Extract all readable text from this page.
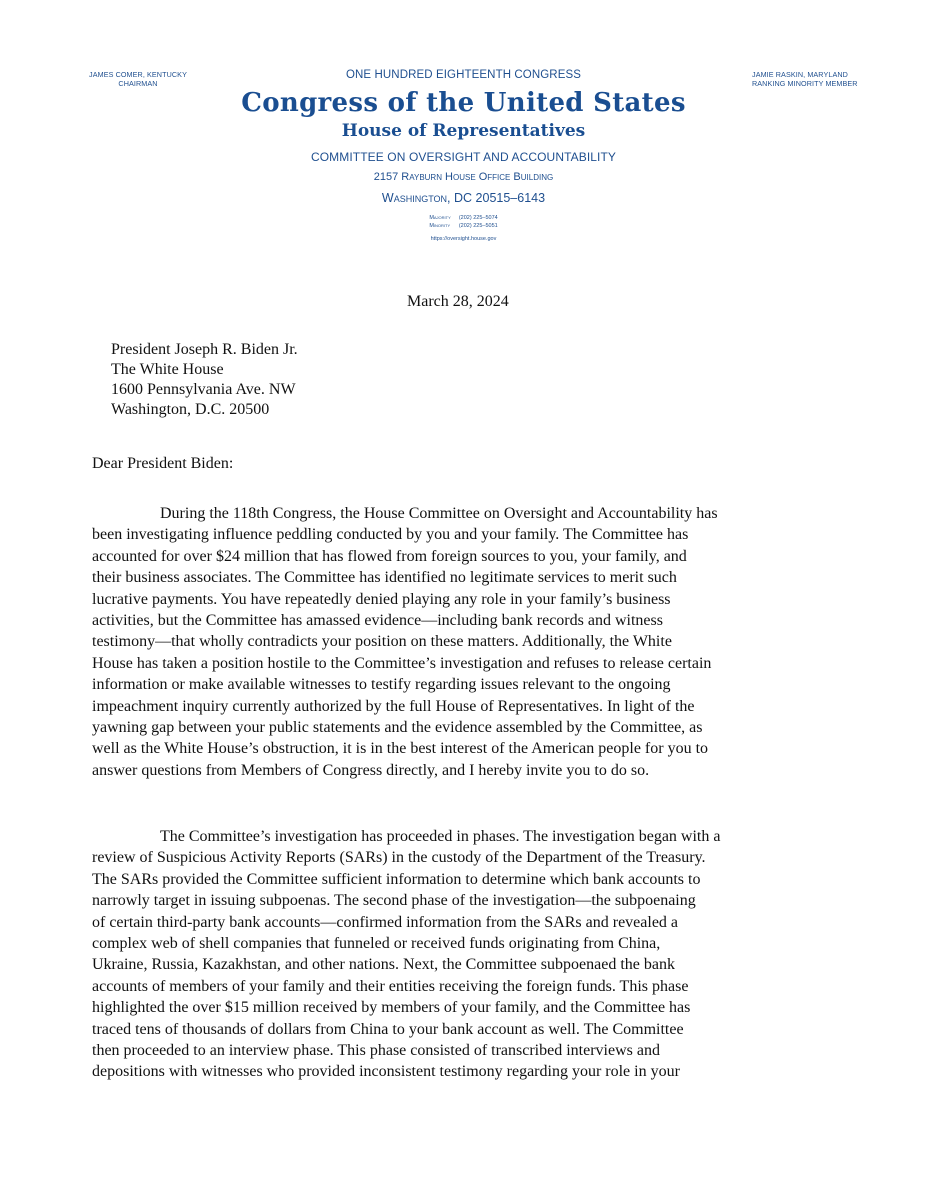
JAMES COMER, KENTUCKY
CHAIRMAN
JAMIE RASKIN, MARYLAND
RANKING MINORITY MEMBER
ONE HUNDRED EIGHTEENTH CONGRESS
Congress of the United States
House of Representatives
COMMITTEE ON OVERSIGHT AND ACCOUNTABILITY
2157 Rayburn House Office Building
Washington, DC 20515–6143
Majority (202) 225–5074
Minority (202) 225–5051
https://oversight.house.gov
March 28, 2024
President Joseph R. Biden Jr.
The White House
1600 Pennsylvania Ave. NW
Washington, D.C. 20500
Dear President Biden:
During the 118th Congress, the House Committee on Oversight and Accountability has
been investigating influence peddling conducted by you and your family. The Committee has
accounted for over $24 million that has flowed from foreign sources to you, your family, and
their business associates. The Committee has identified no legitimate services to merit such
lucrative payments. You have repeatedly denied playing any role in your family’s business
activities, but the Committee has amassed evidence—including bank records and witness
testimony—that wholly contradicts your position on these matters. Additionally, the White
House has taken a position hostile to the Committee’s investigation and refuses to release certain
information or make available witnesses to testify regarding issues relevant to the ongoing
impeachment inquiry currently authorized by the full House of Representatives. In light of the
yawning gap between your public statements and the evidence assembled by the Committee, as
well as the White House’s obstruction, it is in the best interest of the American people for you to
answer questions from Members of Congress directly, and I hereby invite you to do so.
The Committee’s investigation has proceeded in phases. The investigation began with a
review of Suspicious Activity Reports (SARs) in the custody of the Department of the Treasury.
The SARs provided the Committee sufficient information to determine which bank accounts to
narrowly target in issuing subpoenas. The second phase of the investigation—the subpoenaing
of certain third-party bank accounts—confirmed information from the SARs and revealed a
complex web of shell companies that funneled or received funds originating from China,
Ukraine, Russia, Kazakhstan, and other nations. Next, the Committee subpoenaed the bank
accounts of members of your family and their entities receiving the foreign funds. This phase
highlighted the over $15 million received by members of your family, and the Committee has
traced tens of thousands of dollars from China to your bank account as well. The Committee
then proceeded to an interview phase. This phase consisted of transcribed interviews and
depositions with witnesses who provided inconsistent testimony regarding your role in your
